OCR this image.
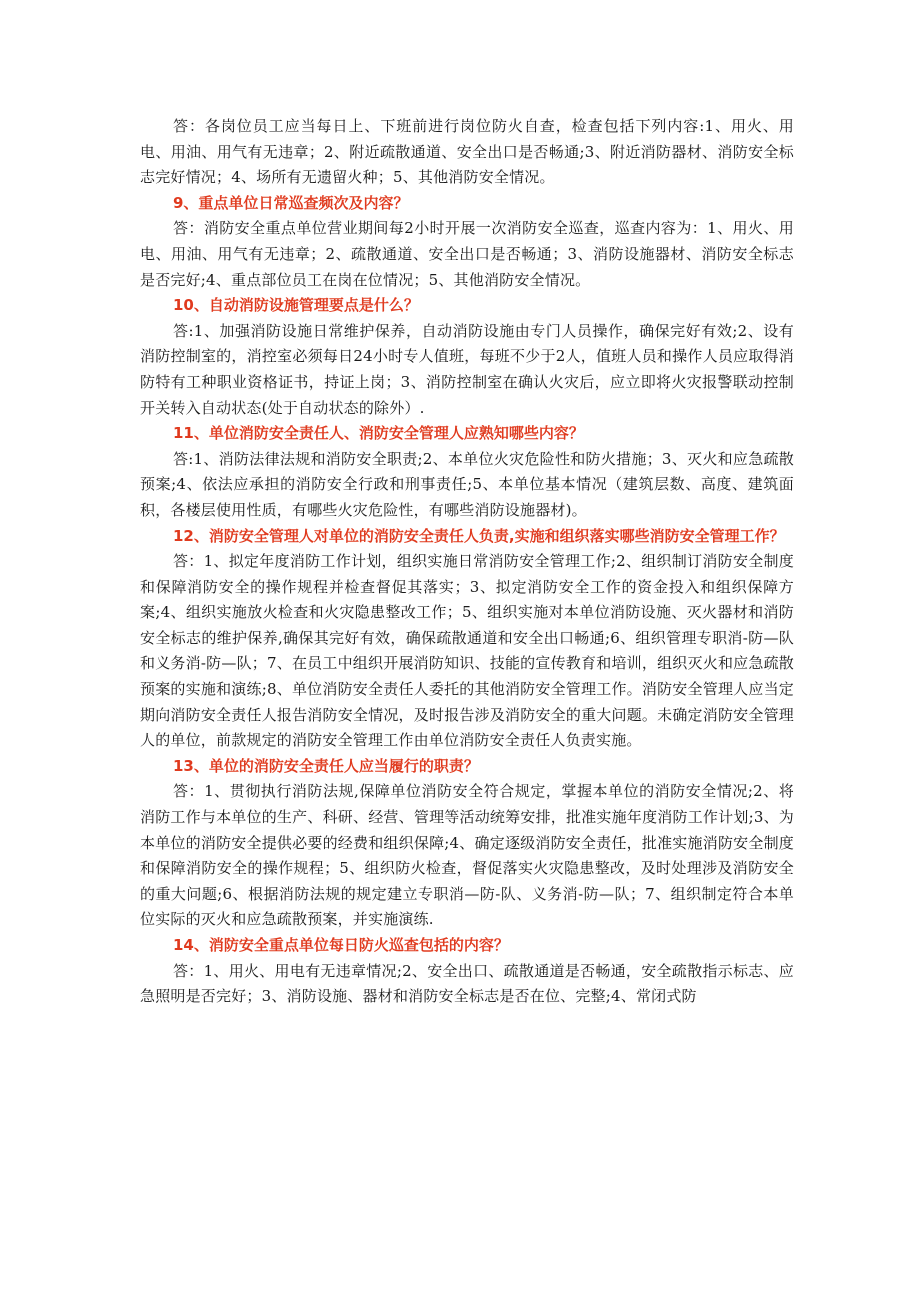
答：各岗位员工应当每日上、下班前进行岗位防火自查，检查包括下列内容:1、用火、用电、用油、用气有无违章；2、附近疏散通道、安全出口是否畅通;3、附近消防器材、消防安全标志完好情况；4、场所有无遗留火种；5、其他消防安全情况。

9、重点单位日常巡查频次及内容？

答：消防安全重点单位营业期间每2小时开展一次消防安全巡查，巡查内容为：1、用火、用电、用油、用气有无违章；2、疏散通道、安全出口是否畅通；3、消防设施器材、消防安全标志是否完好;4、重点部位员工在岗在位情况；5、其他消防安全情况。

10、自动消防设施管理要点是什么？

答:1、加强消防设施日常维护保养，自动消防设施由专门人员操作，确保完好有效;2、设有消防控制室的，消控室必须每日24小时专人值班，每班不少于2人，值班人员和操作人员应取得消防特有工种职业资格证书，持证上岗；3、消防控制室在确认火灾后，应立即将火灾报警联动控制开关转入自动状态(处于自动状态的除外）.

11、单位消防安全责任人、消防安全管理人应熟知哪些内容？

答:1、消防法律法规和消防安全职责;2、本单位火灾危险性和防火措施；3、灭火和应急疏散预案;4、依法应承担的消防安全行政和刑事责任;5、本单位基本情况（建筑层数、高度、建筑面积，各楼层使用性质，有哪些火灾危险性，有哪些消防设施器材)。

12、消防安全管理人对单位的消防安全责任人负责,实施和组织落实哪些消防安全管理工作？

答：1、拟定年度消防工作计划，组织实施日常消防安全管理工作;2、组织制订消防安全制度和保障消防安全的操作规程并检查督促其落实；3、拟定消防安全工作的资金投入和组织保障方案;4、组织实施放火检查和火灾隐患整改工作；5、组织实施对本单位消防设施、灭火器材和消防安全标志的维护保养,确保其完好有效，确保疏散通道和安全出口畅通;6、组织管理专职消-防—队和义务消-防—队；7、在员工中组织开展消防知识、技能的宣传教育和培训，组织灭火和应急疏散预案的实施和演练;8、单位消防安全责任人委托的其他消防安全管理工作。消防安全管理人应当定期向消防安全责任人报告消防安全情况，及时报告涉及消防安全的重大问题。未确定消防安全管理人的单位，前款规定的消防安全管理工作由单位消防安全责任人负责实施。

13、单位的消防安全责任人应当履行的职责？

答：1、贯彻执行消防法规,保障单位消防安全符合规定，掌握本单位的消防安全情况;2、将消防工作与本单位的生产、科研、经营、管理等活动统筹安排，批准实施年度消防工作计划;3、为本单位的消防安全提供必要的经费和组织保障;4、确定逐级消防安全责任，批准实施消防安全制度和保障消防安全的操作规程；5、组织防火检查，督促落实火灾隐患整改，及时处理涉及消防安全的重大问题;6、根据消防法规的规定建立专职消—防-队、义务消-防—队；7、组织制定符合本单位实际的灭火和应急疏散预案，并实施演练.

14、消防安全重点单位每日防火巡查包括的内容？

答：1、用火、用电有无违章情况;2、安全出口、疏散通道是否畅通，安全疏散指示标志、应急照明是否完好；3、消防设施、器材和消防安全标志是否在位、完整;4、常闭式防
